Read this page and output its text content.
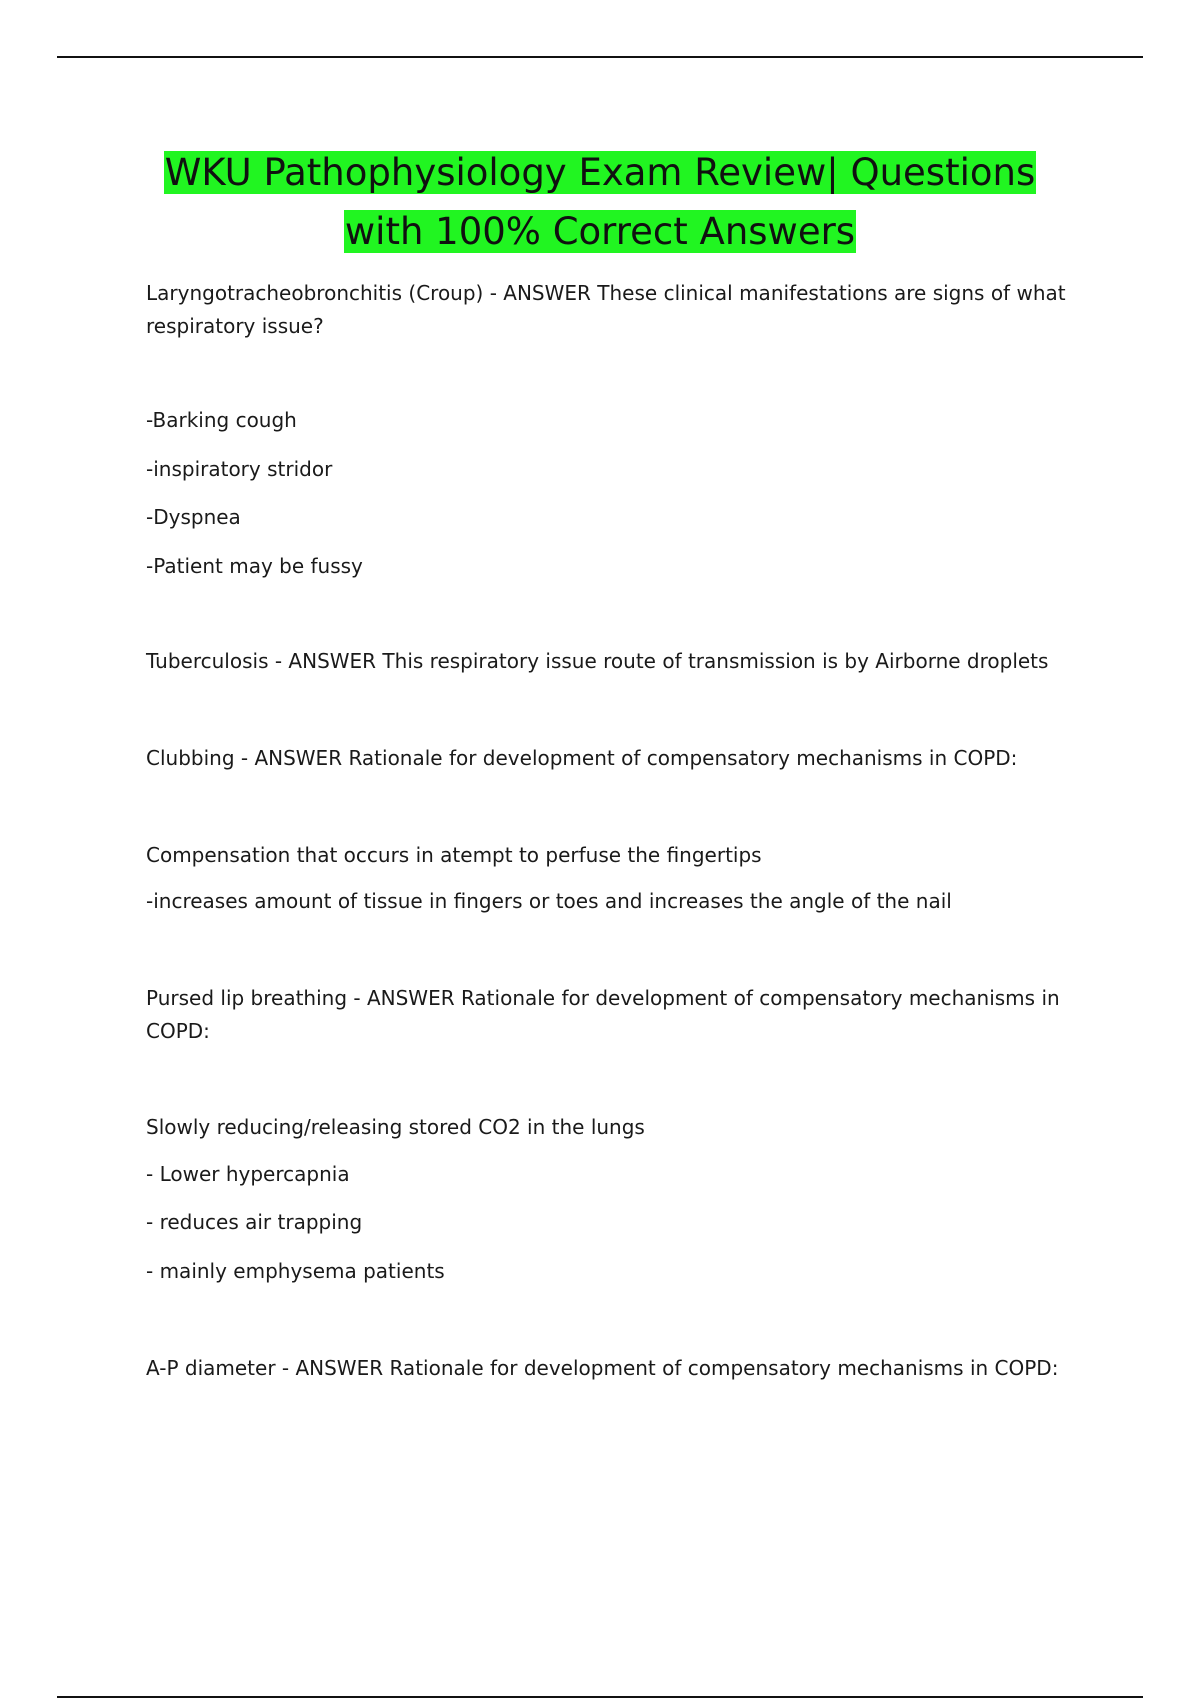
WKU Pathophysiology Exam Review| Questions
with 100% Correct Answers

Laryngotracheobronchitis (Croup) - ANSWER These clinical manifestations are signs of what respiratory issue?

-Barking cough

-inspiratory stridor

-Dyspnea

-Patient may be fussy

Tuberculosis - ANSWER This respiratory issue route of transmission is by Airborne droplets

Clubbing - ANSWER Rationale for development of compensatory mechanisms in COPD:

Compensation that occurs in atempt to perfuse the fingertips

-increases amount of tissue in fingers or toes and increases the angle of the nail

Pursed lip breathing - ANSWER Rationale for development of compensatory mechanisms in COPD:

Slowly reducing/releasing stored CO2 in the lungs

- Lower hypercapnia

- reduces air trapping

- mainly emphysema patients

A-P diameter - ANSWER Rationale for development of compensatory mechanisms in COPD:
